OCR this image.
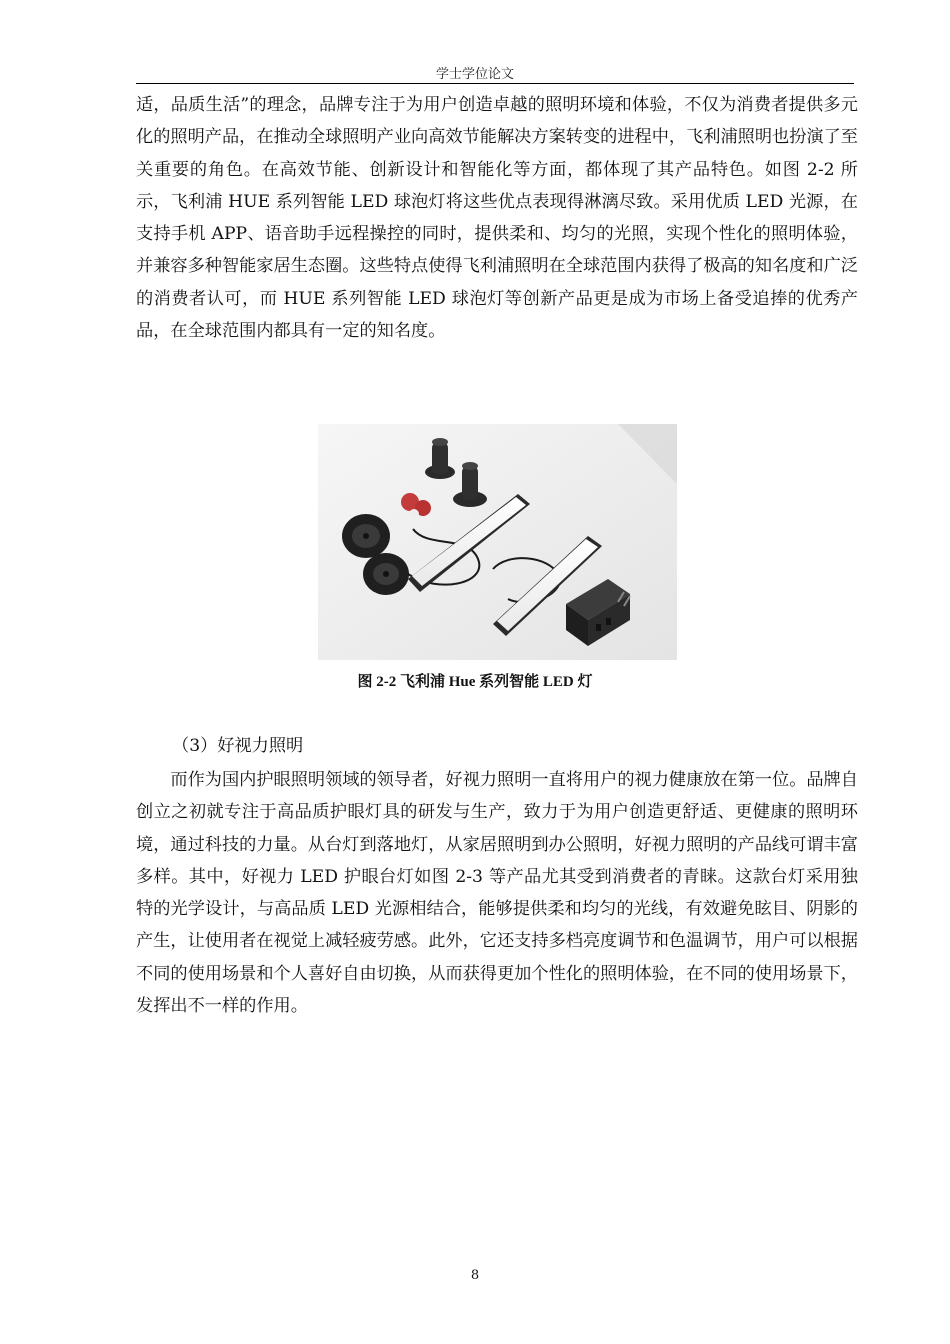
学士学位论文

适，品质生活”的理念，品牌专注于为用户创造卓越的照明环境和体验，不仅为消费者提供多元化的照明产品，在推动全球照明产业向高效节能解决方案转变的进程中，飞利浦照明也扮演了至关重要的角色。在高效节能、创新设计和智能化等方面，都体现了其产品特色。如图 2-2 所示，飞利浦 HUE 系列智能 LED 球泡灯将这些优点表现得淋漓尽致。采用优质 LED 光源，在支持手机 APP、语音助手远程操控的同时，提供柔和、均匀的光照，实现个性化的照明体验，并兼容多种智能家居生态圈。这些特点使得飞利浦照明在全球范围内获得了极高的知名度和广泛的消费者认可，而 HUE 系列智能 LED 球泡灯等创新产品更是成为市场上备受追捧的优秀产品，在全球范围内都具有一定的知名度。

图 2-2 飞利浦 Hue 系列智能 LED 灯
（3）好视力照明

而作为国内护眼照明领域的领导者，好视力照明一直将用户的视力健康放在第一位。品牌自创立之初就专注于高品质护眼灯具的研发与生产，致力于为用户创造更舒适、更健康的照明环境，通过科技的力量。从台灯到落地灯，从家居照明到办公照明，好视力照明的产品线可谓丰富多样。其中，好视力 LED 护眼台灯如图 2-3 等产品尤其受到消费者的青睐。这款台灯采用独特的光学设计，与高品质 LED 光源相结合，能够提供柔和均匀的光线，有效避免眩目、阴影的产生，让使用者在视觉上减轻疲劳感。此外，它还支持多档亮度调节和色温调节，用户可以根据不同的使用场景和个人喜好自由切换，从而获得更加个性化的照明体验，在不同的使用场景下，发挥出不一样的作用。

8
